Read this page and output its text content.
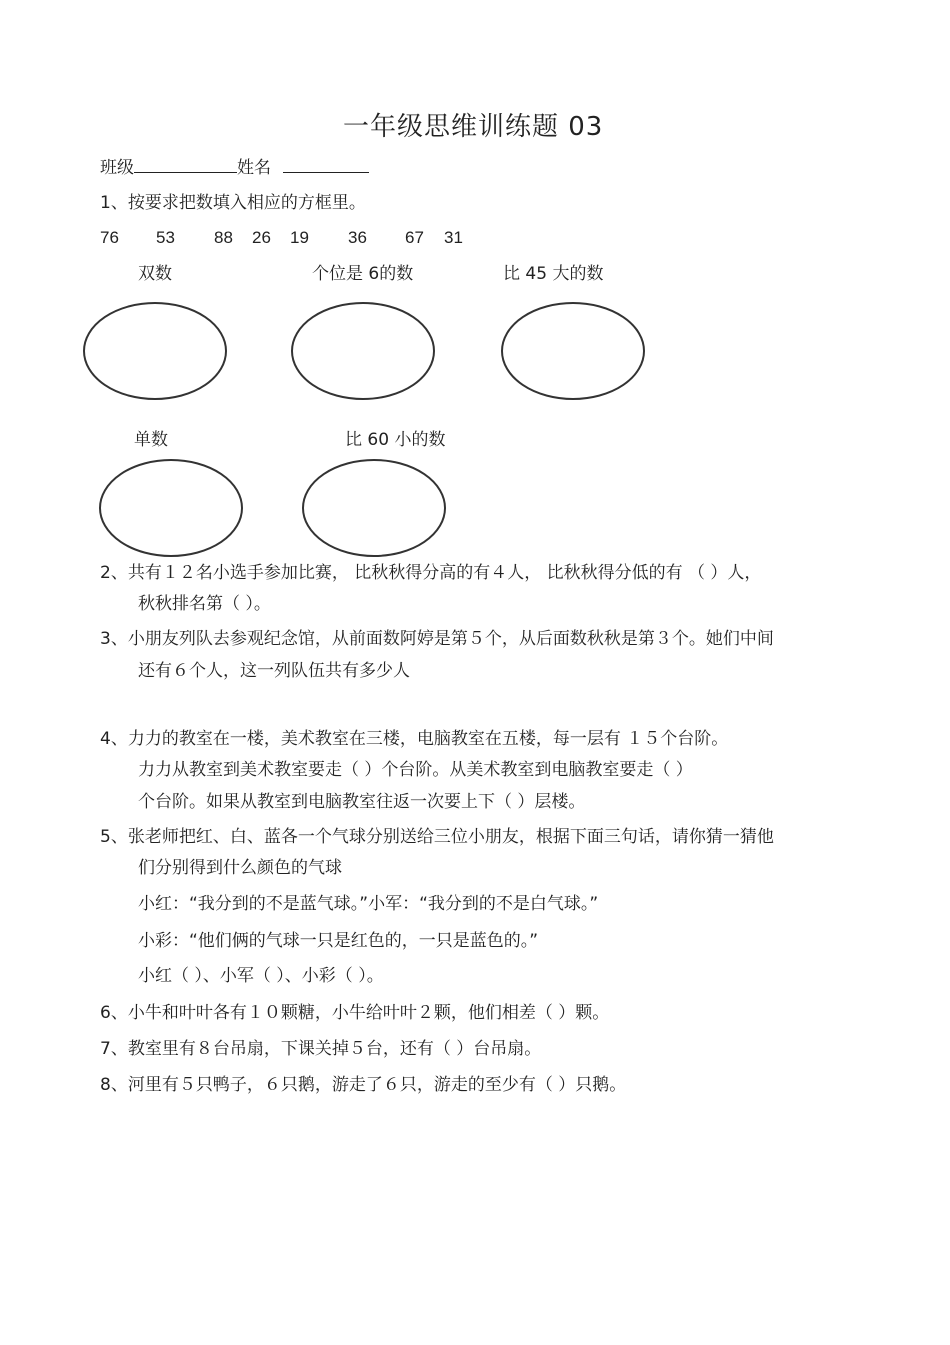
一年级思维训练题 03
班级	姓名
1、按要求把数填入相应的方框里。
76 53 88 26 19 36 67 31
双数	个位是 6的数	比 45 大的数
单数	比 60 小的数
2、共有１２名小选手参加比赛， 比秋秋得分高的有４人， 比秋秋得分低的有 （ ）人，
秋秋排名第（ ）。
3、小朋友列队去参观纪念馆，从前面数阿婷是第５个，从后面数秋秋是第３个。她们中间
还有６个人，这一列队伍共有多少人
4、力力的教室在一楼，美术教室在三楼，电脑教室在五楼，每一层有 １５个台阶。
力力从教室到美术教室要走（ ）个台阶。从美术教室到电脑教室要走（ ）
个台阶。如果从教室到电脑教室往返一次要上下（ ）层楼。
5、张老师把红、白、蓝各一个气球分别送给三位小朋友，根据下面三句话，请你猜一猜他
们分别得到什么颜色的气球
小红：“我分到的不是蓝气球。”小军：“我分到的不是白气球。”
小彩：“他们俩的气球一只是红色的，一只是蓝色的。”
小红（ ）、小军（ ）、小彩（ ）。
6、小牛和叶叶各有１０颗糖，小牛给叶叶２颗，他们相差（ ）颗。
7、教室里有８台吊扇，下课关掉５台，还有（ ）台吊扇。
8、河里有５只鸭子，６只鹅，游走了６只，游走的至少有（ ）只鹅。
